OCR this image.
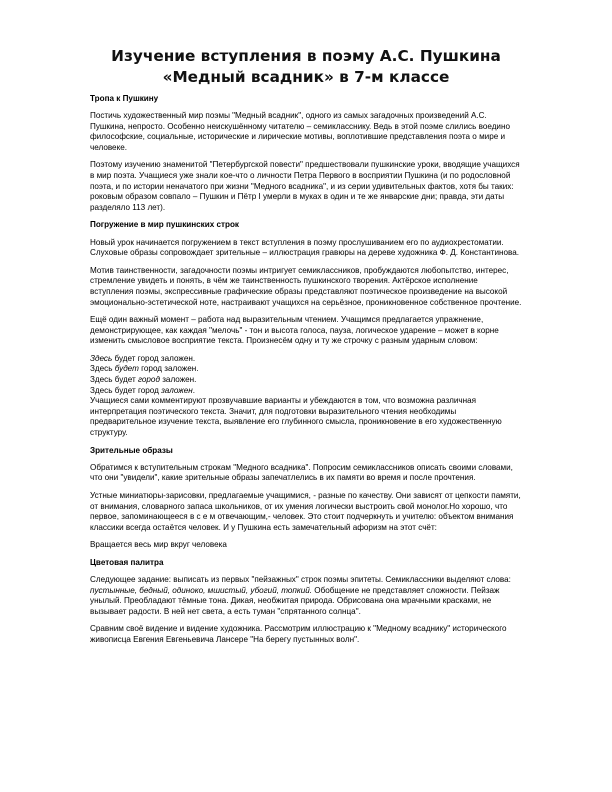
Изучение вступления в поэму А.С. Пушкина «Медный всадник» в 7-м классе
Тропа к Пушкину

Постичь художественный мир поэмы "Медный всадник", одного из самых загадочных произведений А.С. Пушкина, непросто. Особенно неискушённому читателю – семикласснику. Ведь в этой поэме слились воедино философские, социальные, исторические и лирические мотивы, воплотившие представления поэта о мире и человеке.

Поэтому изучению знаменитой "Петербургской повести" предшествовали пушкинские уроки, вводящие учащихся в мир поэта. Учащиеся уже знали кое-что о личности Петра Первого в восприятии Пушкина (и по родословной поэта, и по истории неначатого при жизни "Медного всадника", и из серии удивительных фактов, хотя бы таких: роковым образом совпало – Пушкин и Пётр I умерли в муках в один и те же январские дни; правда, эти даты разделяло 113 лет).

Погружение в мир пушкинских строк

Новый урок начинается погружением в текст вступления в поэму прослушиванием его по аудиохрестоматии. Слуховые образы сопровождает зрительные – иллюстрация гравюры на дереве художника Ф. Д. Константинова.

Мотив таинственности, загадочности поэмы интригует семиклассников, пробуждаются любопытство, интерес, стремление увидеть и понять, в чём же таинственность пушкинского творения. Актёрское исполнение вступления поэмы, экспрессивные графические образы представляют поэтическое произведение на высокой эмоционально-эстетической ноте, настраивают учащихся на серьёзное, проникновенное собственное прочтение.

Ещё один важный момент – работа над выразительным чтением. Учащимся предлагается упражнение, демонстрирующее, как каждая "мелочь" - тон и высота голоса, пауза, логическое ударение – может в корне изменить смысловое восприятие текста. Произнесём одну и ту же строчку с разным ударным словом:

Здесь будет город заложен.

Здесь будет город заложен.

Здесь будет город заложен.

Здесь будет город заложен.

Учащиеся сами комментируют прозвучавшие варианты и убеждаются в том, что возможна различная интерпретация поэтического текста. Значит, для подготовки выразительного чтения необходимы предварительное изучение текста, выявление его глубинного смысла, проникновение в его художественную структуру.

Зрительные образы

Обратимся к вступительным строкам "Медного всадника". Попросим семиклассников описать своими словами, что они "увидели", какие зрительные образы запечатлелись в их памяти во время и после прочтения.

Устные миниатюры-зарисовки, предлагаемые учащимися, - разные по качеству. Они зависят от цепкости памяти, от внимания, словарного запаса школьников, от их умения логически выстроить свой монолог.Но хорошо, что первое, запоминающееся в с е м отвечающим,- человек. Это стоит подчеркнуть и учителю: объектом внимания классики всегда остаётся человек. И у Пушкина есть замечательный афоризм на этот счёт:

Вращается весь мир вкруг человека

Цветовая палитра

Следующее задание: выписать из первых "пейзажных" строк поэмы эпитеты. Семиклассники выделяют слова: пустынные, бедный, одиноко, мшистый, убогий, топкий. Обобщение не представляет сложности. Пейзаж унылый. Преобладают тёмные тона. Дикая, необжитая природа. Обрисована она мрачными красками, не вызывает радости. В ней нет света, а есть туман "спрятанного солнца".

Сравним своё видение и видение художника. Рассмотрим иллюстрацию к "Медному всаднику" исторического живописца Евгения Евгеньевича Лансере "На берегу пустынных волн".
